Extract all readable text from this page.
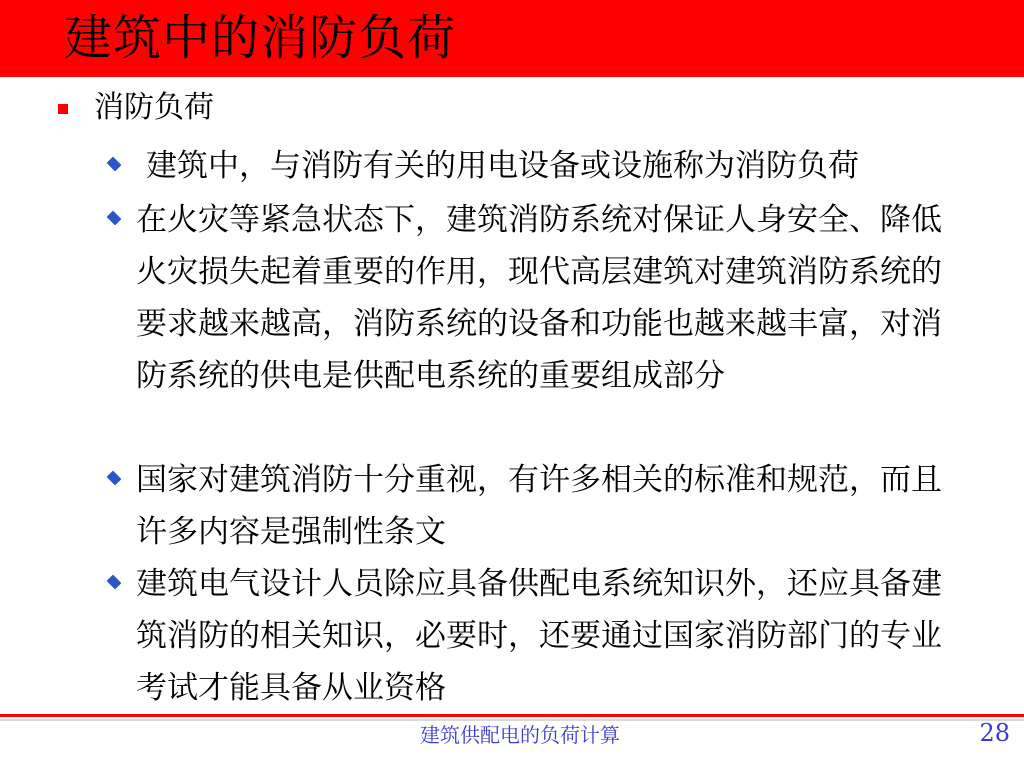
建筑中的消防负荷
消防负荷
建筑中，与消防有关的用电设备或设施称为消防负荷
在火灾等紧急状态下，建筑消防系统对保证人身安全、降低火灾损失起着重要的作用，现代高层建筑对建筑消防系统的要求越来越高，消防系统的设备和功能也越来越丰富，对消防系统的供电是供配电系统的重要组成部分
国家对建筑消防十分重视，有许多相关的标准和规范，而且许多内容是强制性条文
建筑电气设计人员除应具备供配电系统知识外，还应具备建筑消防的相关知识，必要时，还要通过国家消防部门的专业考试才能具备从业资格
建筑供配电的负荷计算	28
